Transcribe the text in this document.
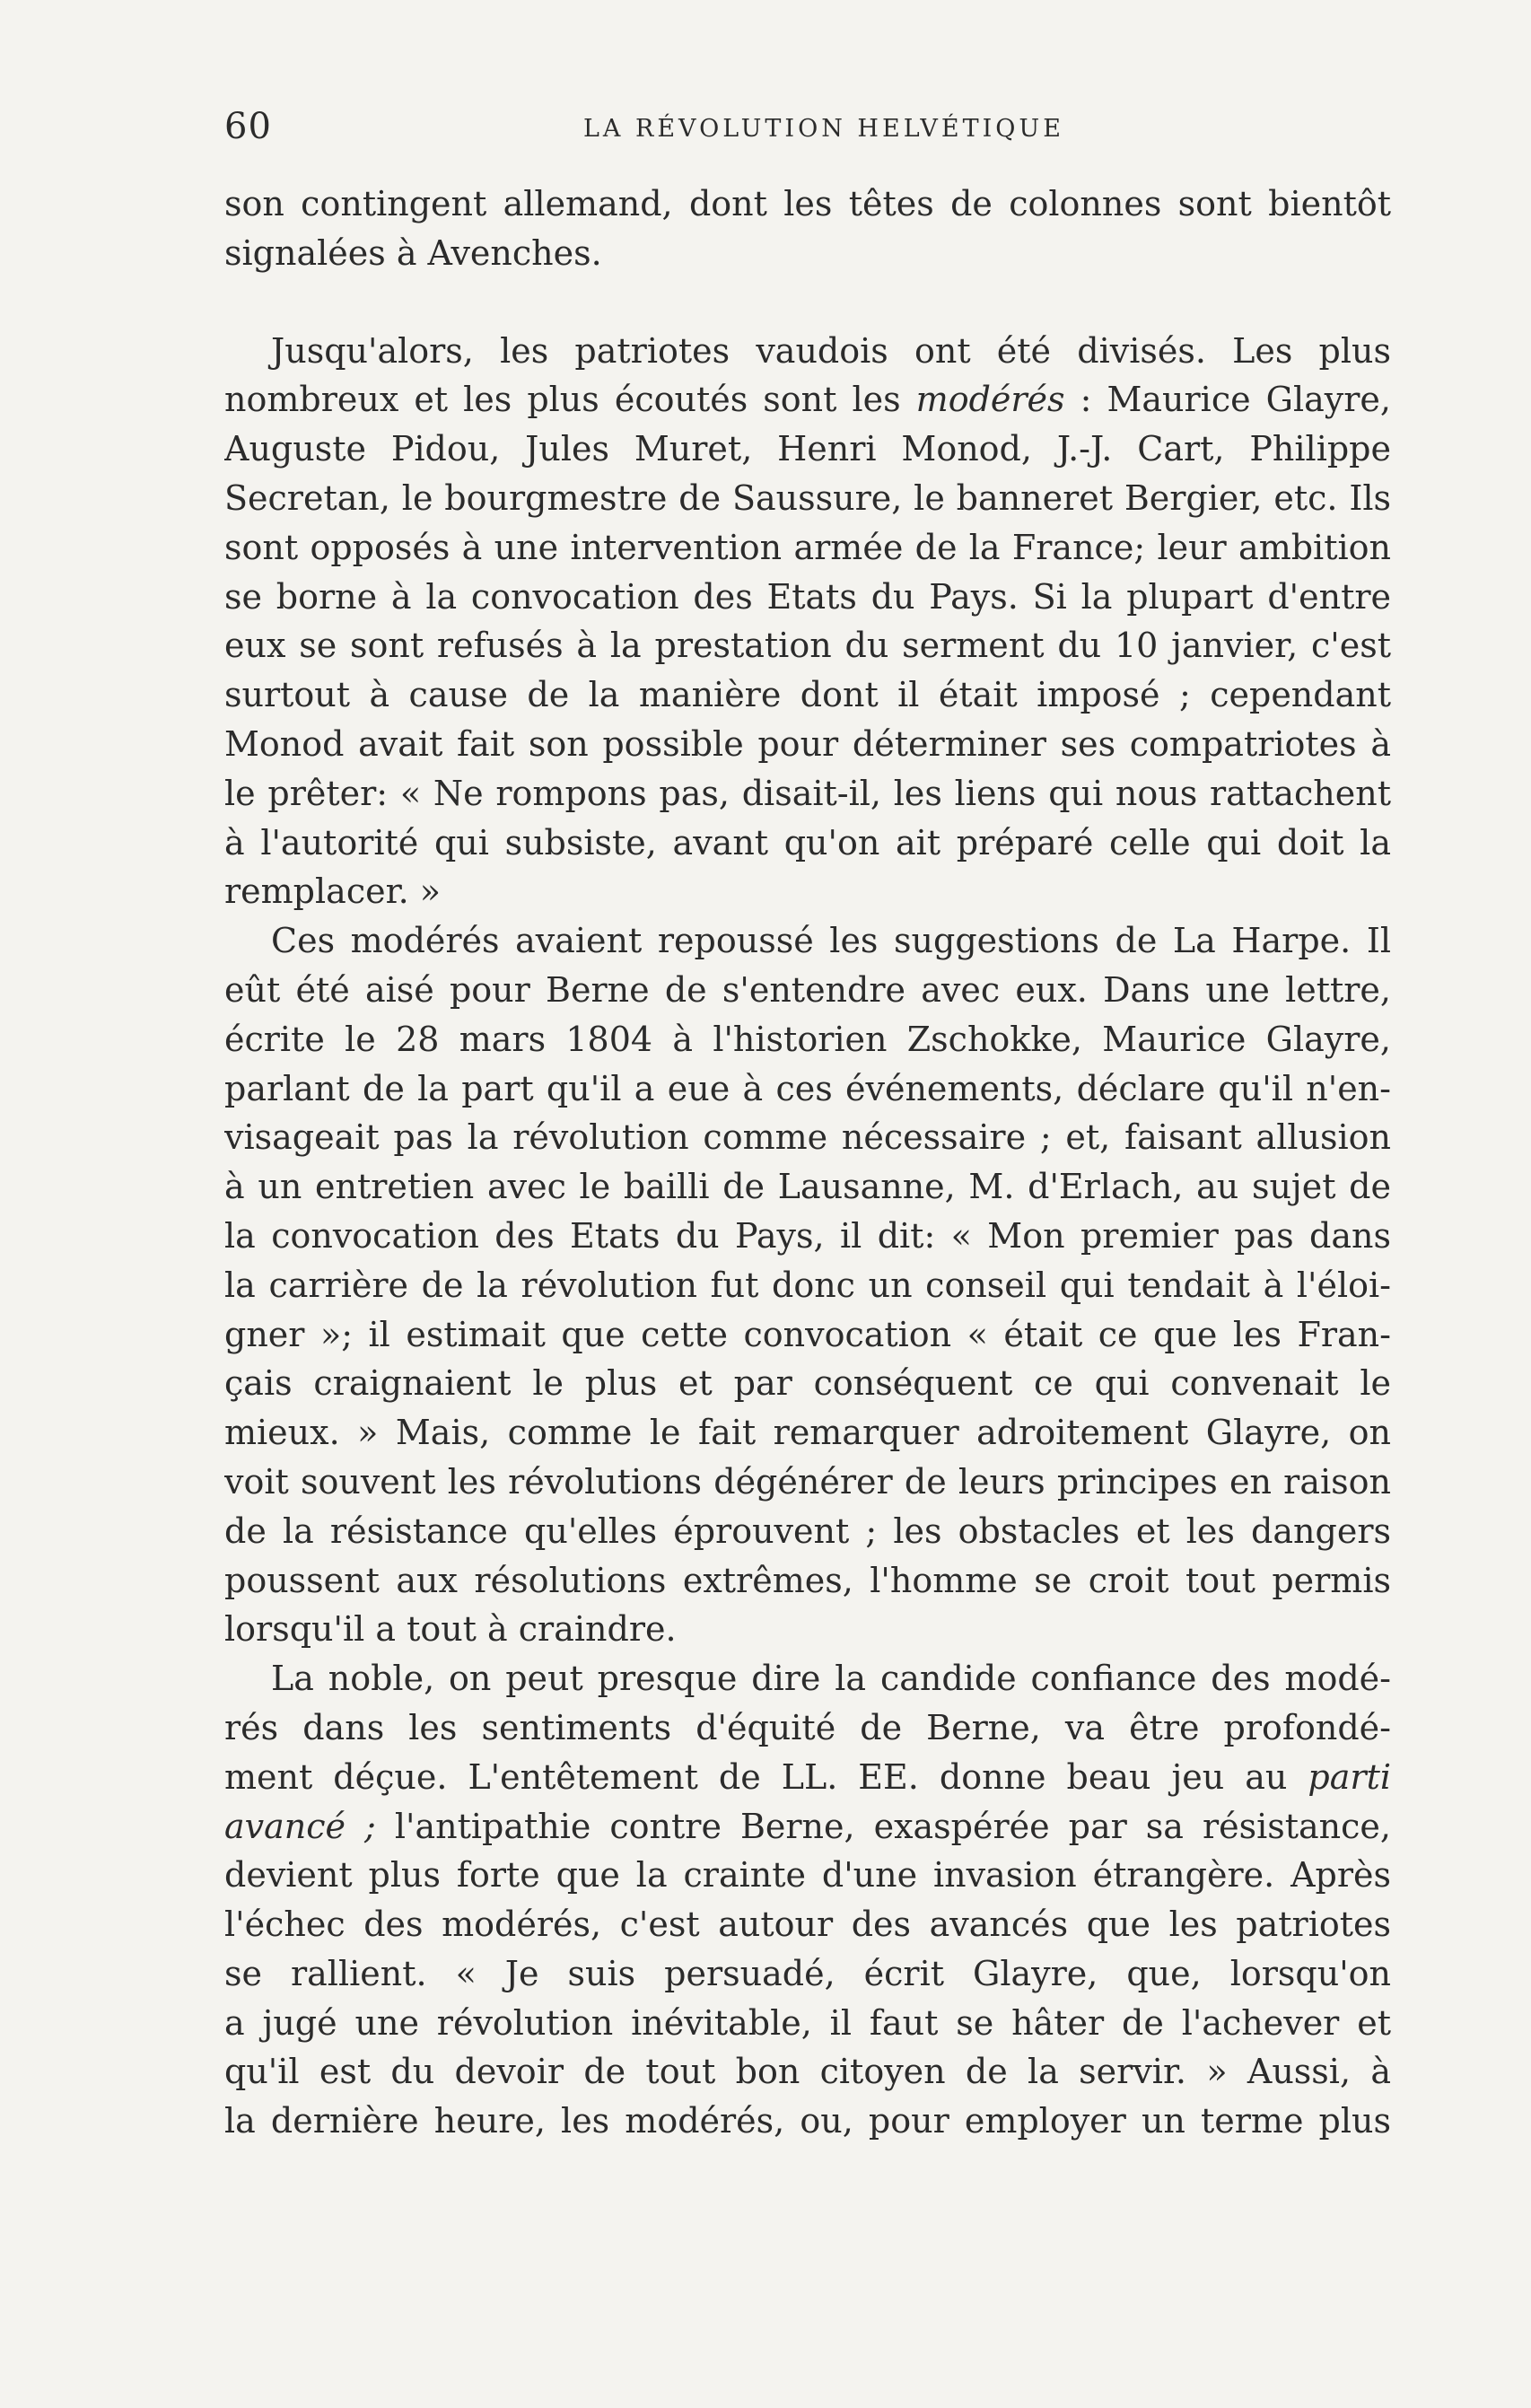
60	LA RÉVOLUTION HELVÉTIQUE
son contingent allemand, dont les têtes de colonnes sont bientôt
signalées à Avenches.
Jusqu'alors, les patriotes vaudois ont été divisés. Les plus
nombreux et les plus écoutés sont les modérés : Maurice Glayre,
Auguste Pidou, Jules Muret, Henri Monod, J.-J. Cart, Philippe
Secretan, le bourgmestre de Saussure, le banneret Bergier, etc. Ils
sont opposés à une intervention armée de la France; leur ambition
se borne à la convocation des Etats du Pays. Si la plupart d'entre
eux se sont refusés à la prestation du serment du 10 janvier, c'est
surtout à cause de la manière dont il était imposé ; cependant
Monod avait fait son possible pour déterminer ses compatriotes à
le prêter: « Ne rompons pas, disait-il, les liens qui nous rattachent
à l'autorité qui subsiste, avant qu'on ait préparé celle qui doit la
remplacer. »
Ces modérés avaient repoussé les suggestions de La Harpe. Il
eût été aisé pour Berne de s'entendre avec eux. Dans une lettre,
écrite le 28 mars 1804 à l'historien Zschokke, Maurice Glayre,
parlant de la part qu'il a eue à ces événements, déclare qu'il n'en-
visageait pas la révolution comme nécessaire ; et, faisant allusion
à un entretien avec le bailli de Lausanne, M. d'Erlach, au sujet de
la convocation des Etats du Pays, il dit: « Mon premier pas dans
la carrière de la révolution fut donc un conseil qui tendait à l'éloi-
gner »; il estimait que cette convocation « était ce que les Fran-
çais craignaient le plus et par conséquent ce qui convenait le
mieux. » Mais, comme le fait remarquer adroitement Glayre, on
voit souvent les révolutions dégénérer de leurs principes en raison
de la résistance qu'elles éprouvent ; les obstacles et les dangers
poussent aux résolutions extrêmes, l'homme se croit tout permis
lorsqu'il a tout à craindre.
La noble, on peut presque dire la candide confiance des modé-
rés dans les sentiments d'équité de Berne, va être profondé-
ment déçue. L'entêtement de LL. EE. donne beau jeu au parti
avancé ; l'antipathie contre Berne, exaspérée par sa résistance,
devient plus forte que la crainte d'une invasion étrangère. Après
l'échec des modérés, c'est autour des avancés que les patriotes
se rallient. « Je suis persuadé, écrit Glayre, que, lorsqu'on
a jugé une révolution inévitable, il faut se hâter de l'achever et
qu'il est du devoir de tout bon citoyen de la servir. » Aussi, à
la dernière heure, les modérés, ou, pour employer un terme plus
